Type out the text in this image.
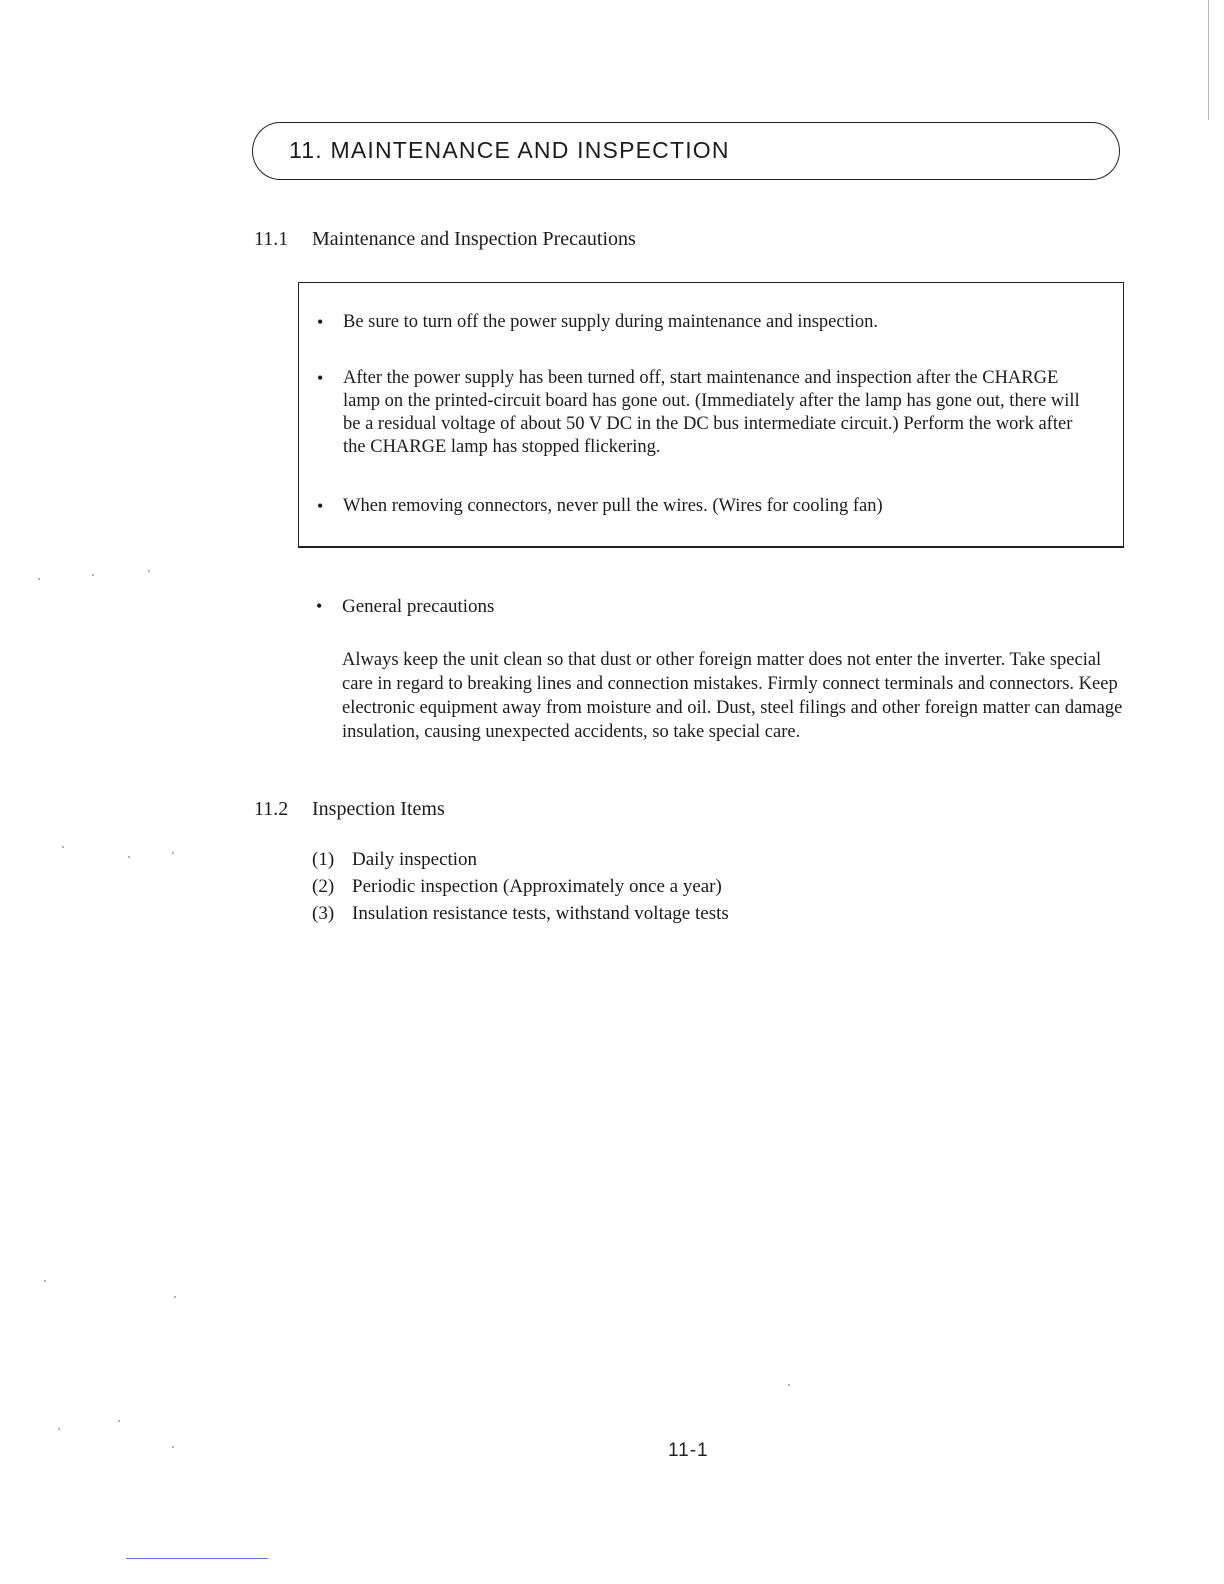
11. MAINTENANCE AND INSPECTION
11.1 Maintenance and Inspection Precautions
• Be sure to turn off the power supply during maintenance and inspection.
• After the power supply has been turned off, start maintenance and inspection after the CHARGE lamp on the printed-circuit board has gone out. (Immediately after the lamp has gone out, there will be a residual voltage of about 50 V DC in the DC bus intermediate circuit.) Perform the work after the CHARGE lamp has stopped flickering.
• When removing connectors, never pull the wires. (Wires for cooling fan)
• General precautions
Always keep the unit clean so that dust or other foreign matter does not enter the inverter. Take special care in regard to breaking lines and connection mistakes. Firmly connect terminals and connectors. Keep electronic equipment away from moisture and oil. Dust, steel filings and other foreign matter can damage insulation, causing unexpected accidents, so take special care.
11.2 Inspection Items
(1) Daily inspection
(2) Periodic inspection (Approximately once a year)
(3) Insulation resistance tests, withstand voltage tests
11-1
